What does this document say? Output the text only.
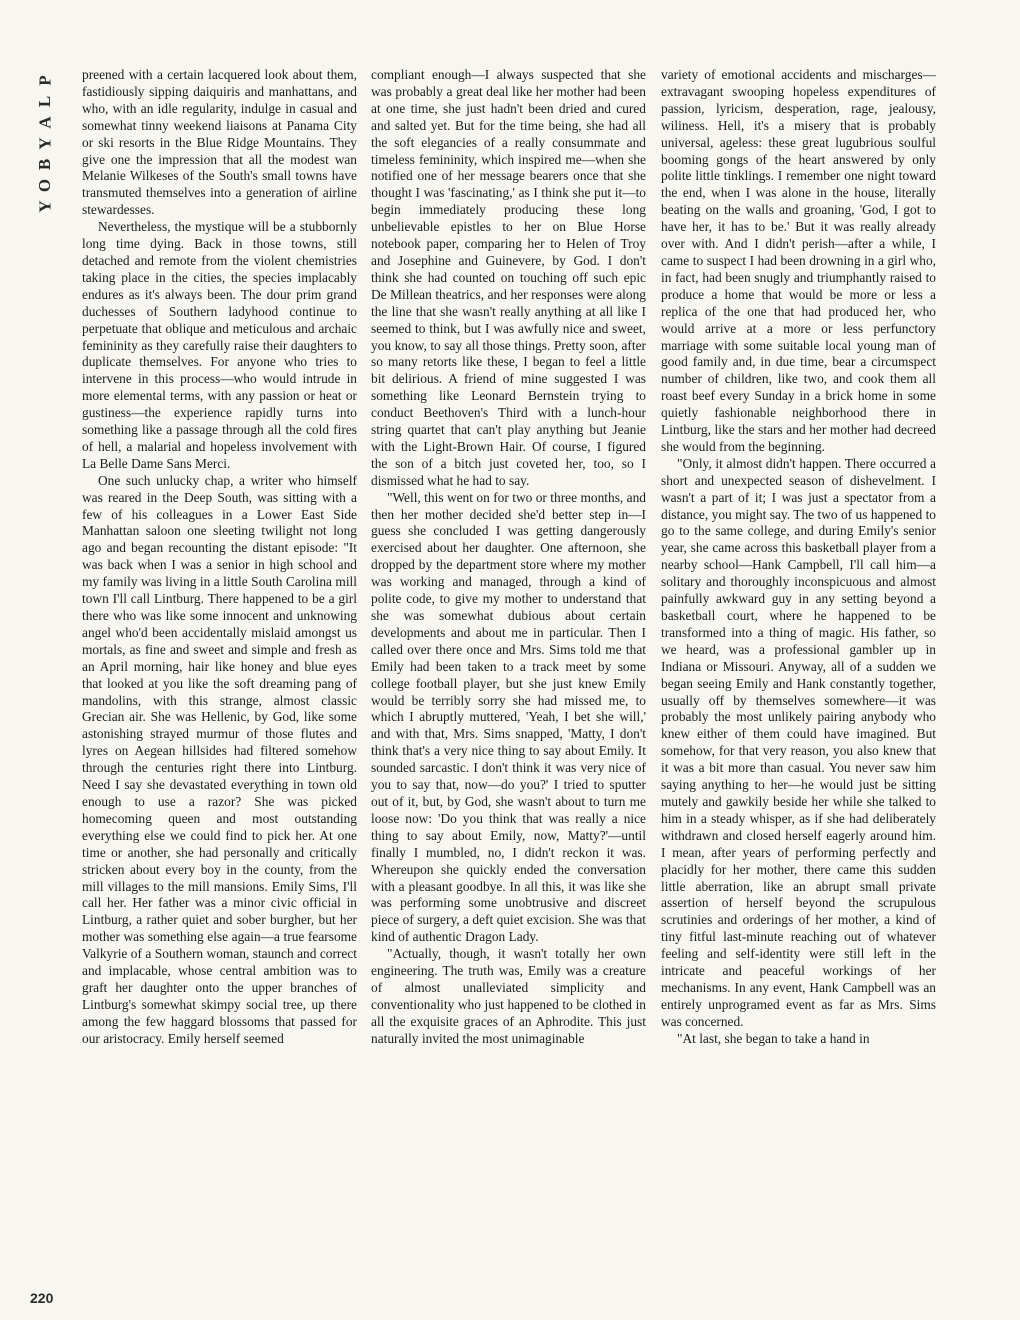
P
L
A
Y
B
O
Y
220

preened with a certain lacquered look about them, fastidiously sipping daiquiris and manhattans, and who, with an idle regularity, indulge in casual and somewhat tinny weekend liaisons at Panama City or ski resorts in the Blue Ridge Mountains. They give one the impression that all the modest wan Melanie Wilkeses of the South's small towns have transmuted themselves into a generation of airline stewardesses.

Nevertheless, the mystique will be a stubbornly long time dying. Back in those towns, still detached and remote from the violent chemistries taking place in the cities, the species implacably endures as it's always been. The dour prim grand duchesses of Southern ladyhood continue to perpetuate that oblique and meticulous and archaic femininity as they carefully raise their daughters to duplicate themselves. For anyone who tries to intervene in this process—who would intrude in more elemental terms, with any passion or heat or gustiness—the experience rapidly turns into something like a passage through all the cold fires of hell, a malarial and hopeless involvement with La Belle Dame Sans Merci.

One such unlucky chap, a writer who himself was reared in the Deep South, was sitting with a few of his colleagues in a Lower East Side Manhattan saloon one sleeting twilight not long ago and began recounting the distant episode: "It was back when I was a senior in high school and my family was living in a little South Carolina mill town I'll call Lintburg. There happened to be a girl there who was like some innocent and unknowing angel who'd been accidentally mislaid amongst us mortals, as fine and sweet and simple and fresh as an April morning, hair like honey and blue eyes that looked at you like the soft dreaming pang of mandolins, with this strange, almost classic Grecian air. She was Hellenic, by God, like some astonishing strayed murmur of those flutes and lyres on Aegean hillsides had filtered somehow through the centuries right there into Lintburg. Need I say she devastated everything in town old enough to use a razor? She was picked homecoming queen and most outstanding everything else we could find to pick her. At one time or another, she had personally and critically stricken about every boy in the county, from the mill villages to the mill mansions. Emily Sims, I'll call her. Her father was a minor civic official in Lintburg, a rather quiet and sober burgher, but her mother was something else again—a true fearsome Valkyrie of a Southern woman, staunch and correct and implacable, whose central ambition was to graft her daughter onto the upper branches of Lintburg's somewhat skimpy social tree, up there among the few haggard blossoms that passed for our aristocracy. Emily herself seemed

compliant enough—I always suspected that she was probably a great deal like her mother had been at one time, she just hadn't been dried and cured and salted yet. But for the time being, she had all the soft elegancies of a really consummate and timeless femininity, which inspired me—when she notified one of her message bearers once that she thought I was 'fascinating,' as I think she put it—to begin immediately producing these long unbelievable epistles to her on Blue Horse notebook paper, comparing her to Helen of Troy and Josephine and Guinevere, by God. I don't think she had counted on touching off such epic De Millean theatrics, and her responses were along the line that she wasn't really anything at all like I seemed to think, but I was awfully nice and sweet, you know, to say all those things. Pretty soon, after so many retorts like these, I began to feel a little bit delirious. A friend of mine suggested I was something like Leonard Bernstein trying to conduct Beethoven's Third with a lunch-hour string quartet that can't play anything but Jeanie with the Light-Brown Hair. Of course, I figured the son of a bitch just coveted her, too, so I dismissed what he had to say.

"Well, this went on for two or three months, and then her mother decided she'd better step in—I guess she concluded I was getting dangerously exercised about her daughter. One afternoon, she dropped by the department store where my mother was working and managed, through a kind of polite code, to give my mother to understand that she was somewhat dubious about certain developments and about me in particular. Then I called over there once and Mrs. Sims told me that Emily had been taken to a track meet by some college football player, but she just knew Emily would be terribly sorry she had missed me, to which I abruptly muttered, 'Yeah, I bet she will,' and with that, Mrs. Sims snapped, 'Matty, I don't think that's a very nice thing to say about Emily. It sounded sarcastic. I don't think it was very nice of you to say that, now—do you?' I tried to sputter out of it, but, by God, she wasn't about to turn me loose now: 'Do you think that was really a nice thing to say about Emily, now, Matty?'—until finally I mumbled, no, I didn't reckon it was. Whereupon she quickly ended the conversation with a pleasant goodbye. In all this, it was like she was performing some unobtrusive and discreet piece of surgery, a deft quiet excision. She was that kind of authentic Dragon Lady.

"Actually, though, it wasn't totally her own engineering. The truth was, Emily was a creature of almost unalleviated simplicity and conventionality who just happened to be clothed in all the exquisite graces of an Aphrodite. This just naturally invited the most unimaginable

variety of emotional accidents and mischarges—extravagant swooping hopeless expenditures of passion, lyricism, desperation, rage, jealousy, wiliness. Hell, it's a misery that is probably universal, ageless: these great lugubrious soulful booming gongs of the heart answered by only polite little tinklings. I remember one night toward the end, when I was alone in the house, literally beating on the walls and groaning, 'God, I got to have her, it has to be.' But it was really already over with. And I didn't perish—after a while, I came to suspect I had been drowning in a girl who, in fact, had been snugly and triumphantly raised to produce a home that would be more or less a replica of the one that had produced her, who would arrive at a more or less perfunctory marriage with some suitable local young man of good family and, in due time, bear a circumspect number of children, like two, and cook them all roast beef every Sunday in a brick home in some quietly fashionable neighborhood there in Lintburg, like the stars and her mother had decreed she would from the beginning.

"Only, it almost didn't happen. There occurred a short and unexpected season of dishevelment. I wasn't a part of it; I was just a spectator from a distance, you might say. The two of us happened to go to the same college, and during Emily's senior year, she came across this basketball player from a nearby school—Hank Campbell, I'll call him—a solitary and thoroughly inconspicuous and almost painfully awkward guy in any setting beyond a basketball court, where he happened to be transformed into a thing of magic. His father, so we heard, was a professional gambler up in Indiana or Missouri. Anyway, all of a sudden we began seeing Emily and Hank constantly together, usually off by themselves somewhere—it was probably the most unlikely pairing anybody who knew either of them could have imagined. But somehow, for that very reason, you also knew that it was a bit more than casual. You never saw him saying anything to her—he would just be sitting mutely and gawkily beside her while she talked to him in a steady whisper, as if she had deliberately withdrawn and closed herself eagerly around him. I mean, after years of performing perfectly and placidly for her mother, there came this sudden little aberration, like an abrupt small private assertion of herself beyond the scrupulous scrutinies and orderings of her mother, a kind of tiny fitful last-minute reaching out of whatever feeling and self-identity were still left in the intricate and peaceful workings of her mechanisms. In any event, Hank Campbell was an entirely unprogramed event as far as Mrs. Sims was concerned.

"At last, she began to take a hand in
